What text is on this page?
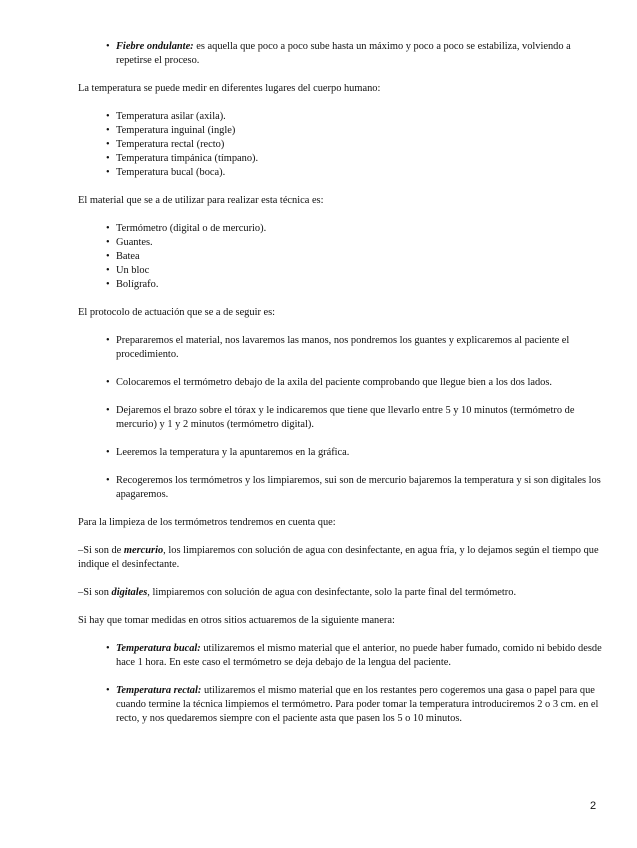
• Fiebre ondulante: es aquella que poco a poco sube hasta un máximo y poco a poco se estabiliza, volviendo a repetirse el proceso.

La temperatura se puede medir en diferentes lugares del cuerpo humano:

• Temperatura asilar (axila).
• Temperatura inguinal (ingle)
• Temperatura rectal (recto)
• Temperatura timpánica (tímpano).
• Temperatura bucal (boca).

El material que se a de utilizar para realizar esta técnica es:

• Termómetro (digital o de mercurio).
• Guantes.
• Batea
• Un bloc
• Bolígrafo.

El protocolo de actuación que se a de seguir es:

• Prepararemos el material, nos lavaremos las manos, nos pondremos los guantes y explicaremos al paciente el procedimiento.
• Colocaremos el termómetro debajo de la axila del paciente comprobando que llegue bien a los dos lados.
• Dejaremos el brazo sobre el tórax y le indicaremos que tiene que llevarlo entre 5 y 10 minutos (termómetro de mercurio) y 1 y 2 minutos (termómetro digital).
• Leeremos la temperatura y la apuntaremos en la gráfica.
• Recogeremos los termómetros y los limpiaremos, sui son de mercurio bajaremos la temperatura y si son digitales los apagaremos.

Para la limpieza de los termómetros tendremos en cuenta que:

–Si son de mercurio, los limpiaremos con solución de agua con desinfectante, en agua fría, y lo dejamos según el tiempo que indique el desinfectante.

–Si son digitales, limpiaremos con solución de agua con desinfectante, solo la parte final del termómetro.

Si hay que tomar medidas en otros sitios actuaremos de la siguiente manera:

• Temperatura bucal: utilizaremos el mismo material que el anterior, no puede haber fumado, comido ni bebido desde hace 1 hora. En este caso el termómetro se deja debajo de la lengua del paciente.
• Temperatura rectal: utilizaremos el mismo material que en los restantes pero cogeremos una gasa o papel para que cuando termine la técnica limpiemos el termómetro. Para poder tomar la temperatura introduciremos 2 o 3 cm. en el recto, y nos quedaremos siempre con el paciente asta que pasen los 5 o 10 minutos.
2
